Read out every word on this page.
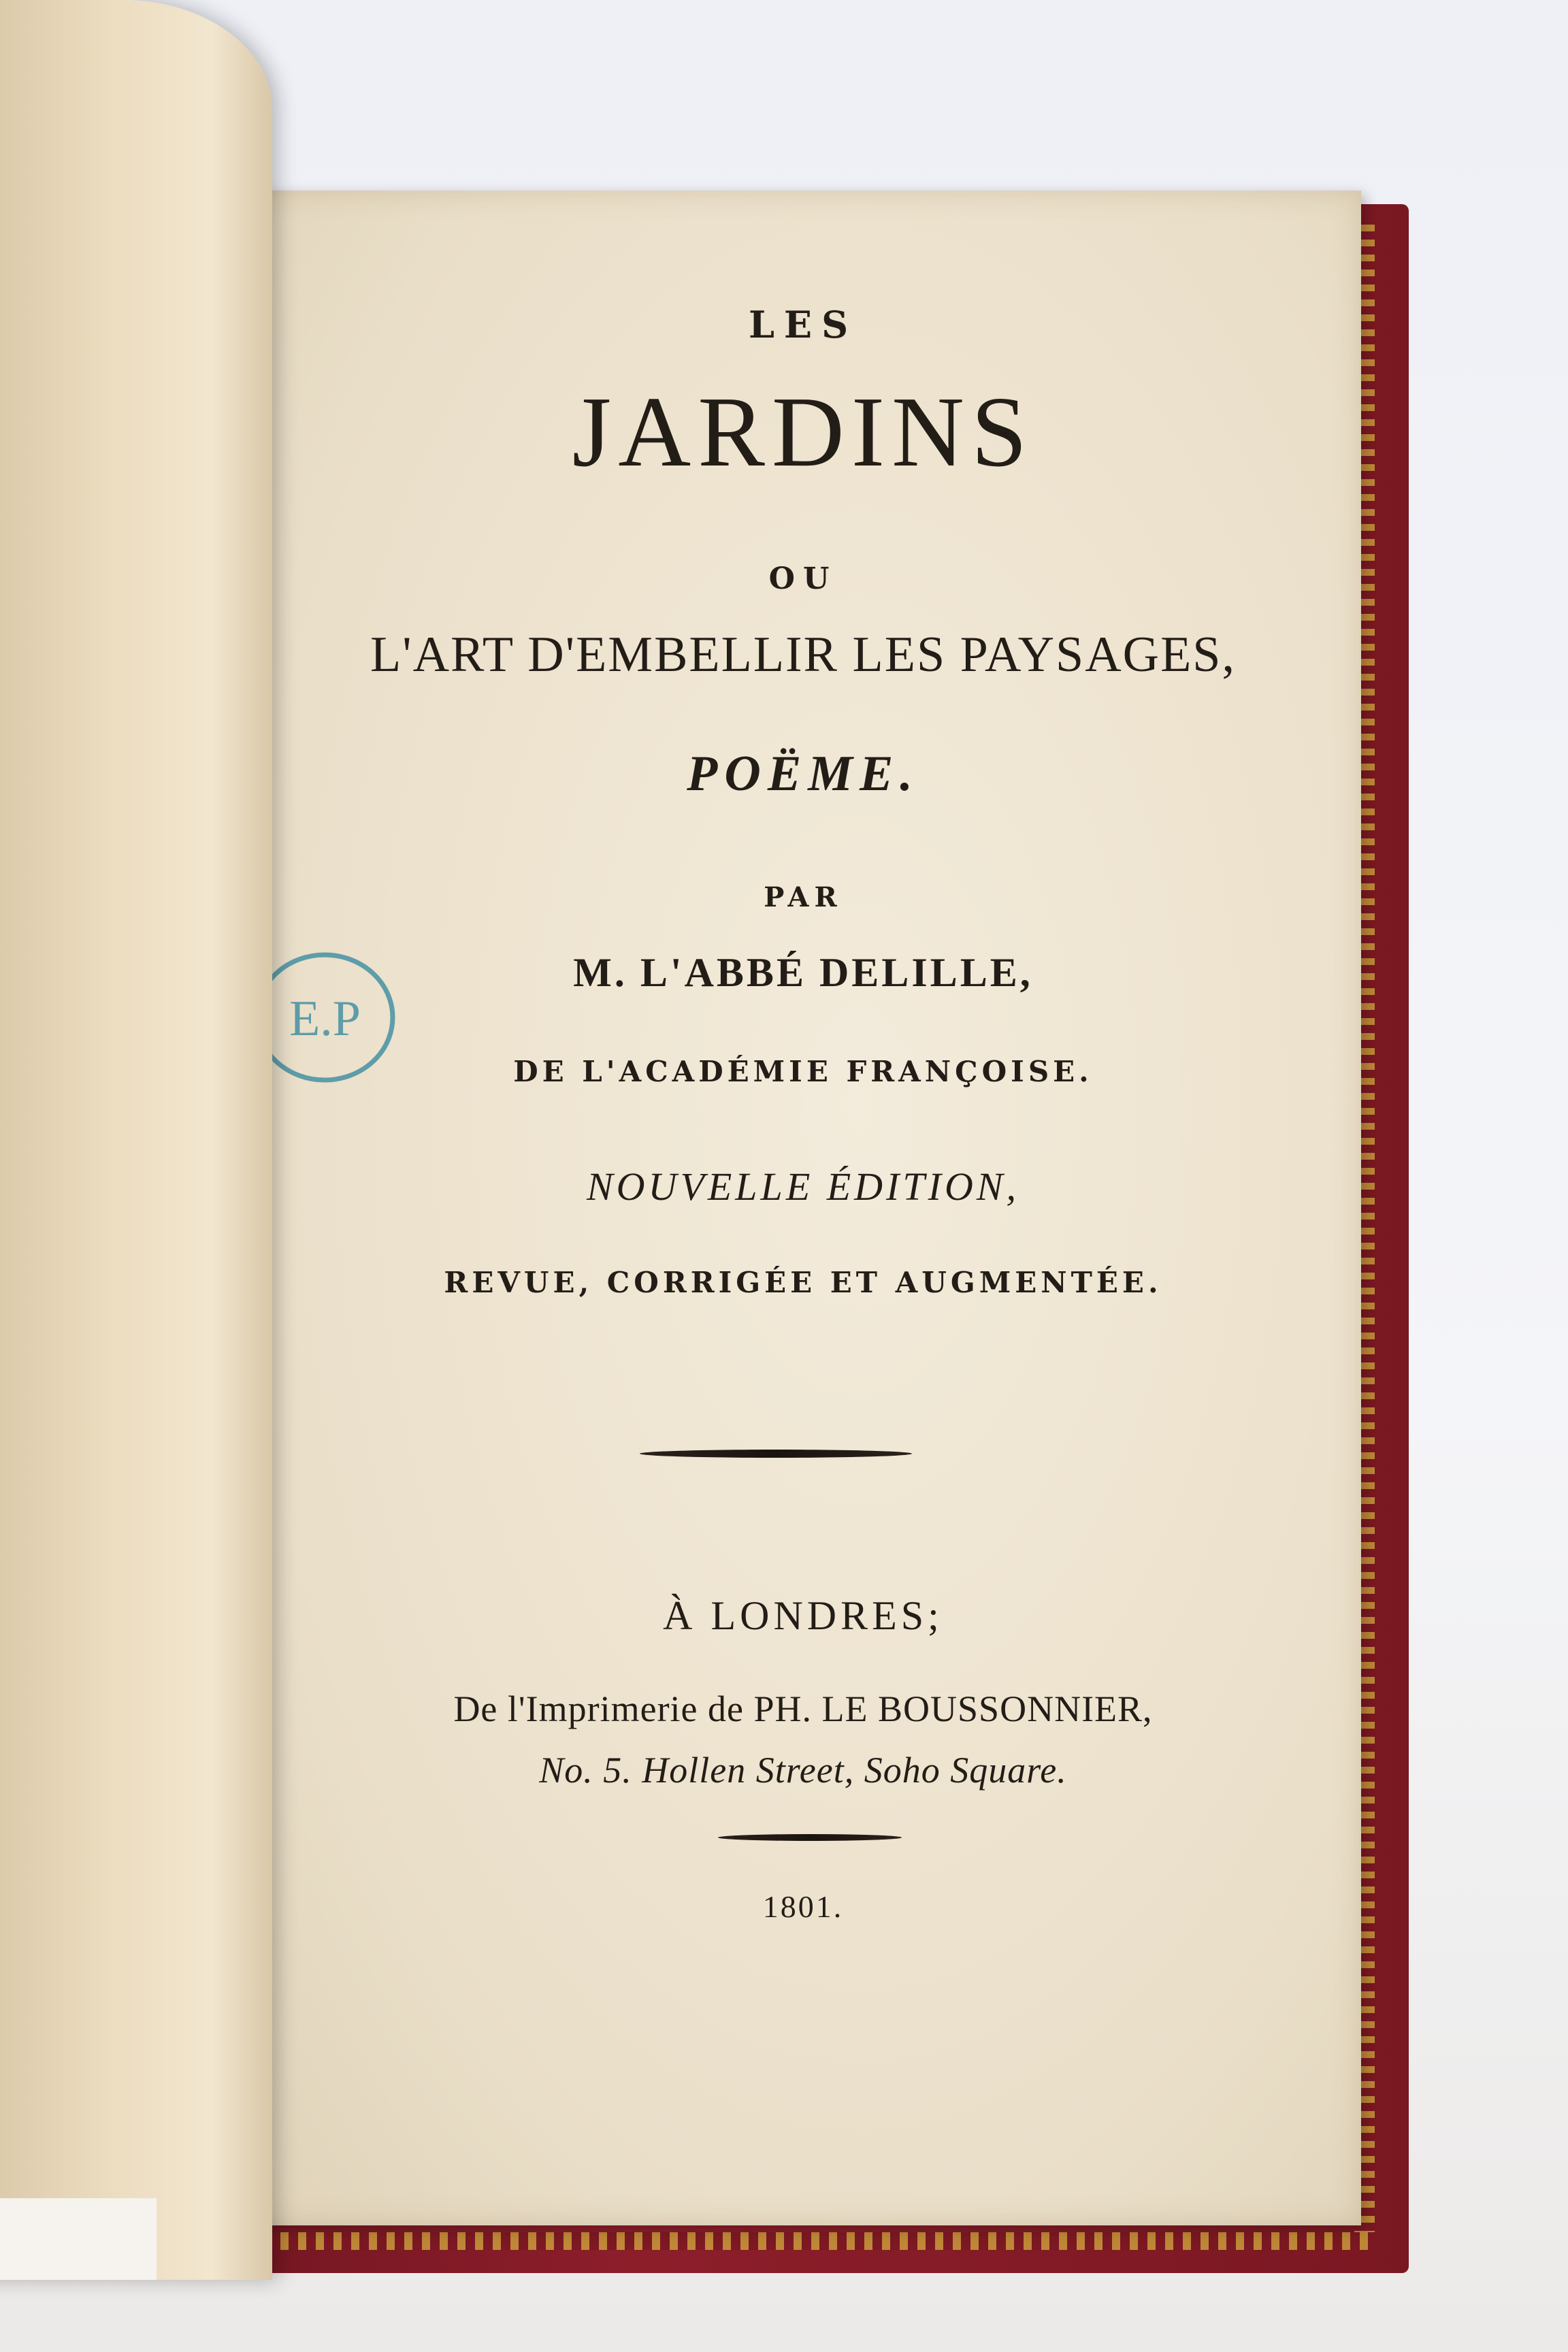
LES
JARDINS
OU
L'ART D'EMBELLIR LES PAYSAGES,
POËME.
PAR
M. L'ABBÉ DELILLE,
DE L'ACADÉMIE FRANÇOISE.
NOUVELLE ÉDITION,
REVUE, CORRIGÉE ET AUGMENTÉE.
À LONDRES;
De l'Imprimerie de PH. LE BOUSSONNIER,
No. 5. Hollen Street, Soho Square.
1801.
E.P
